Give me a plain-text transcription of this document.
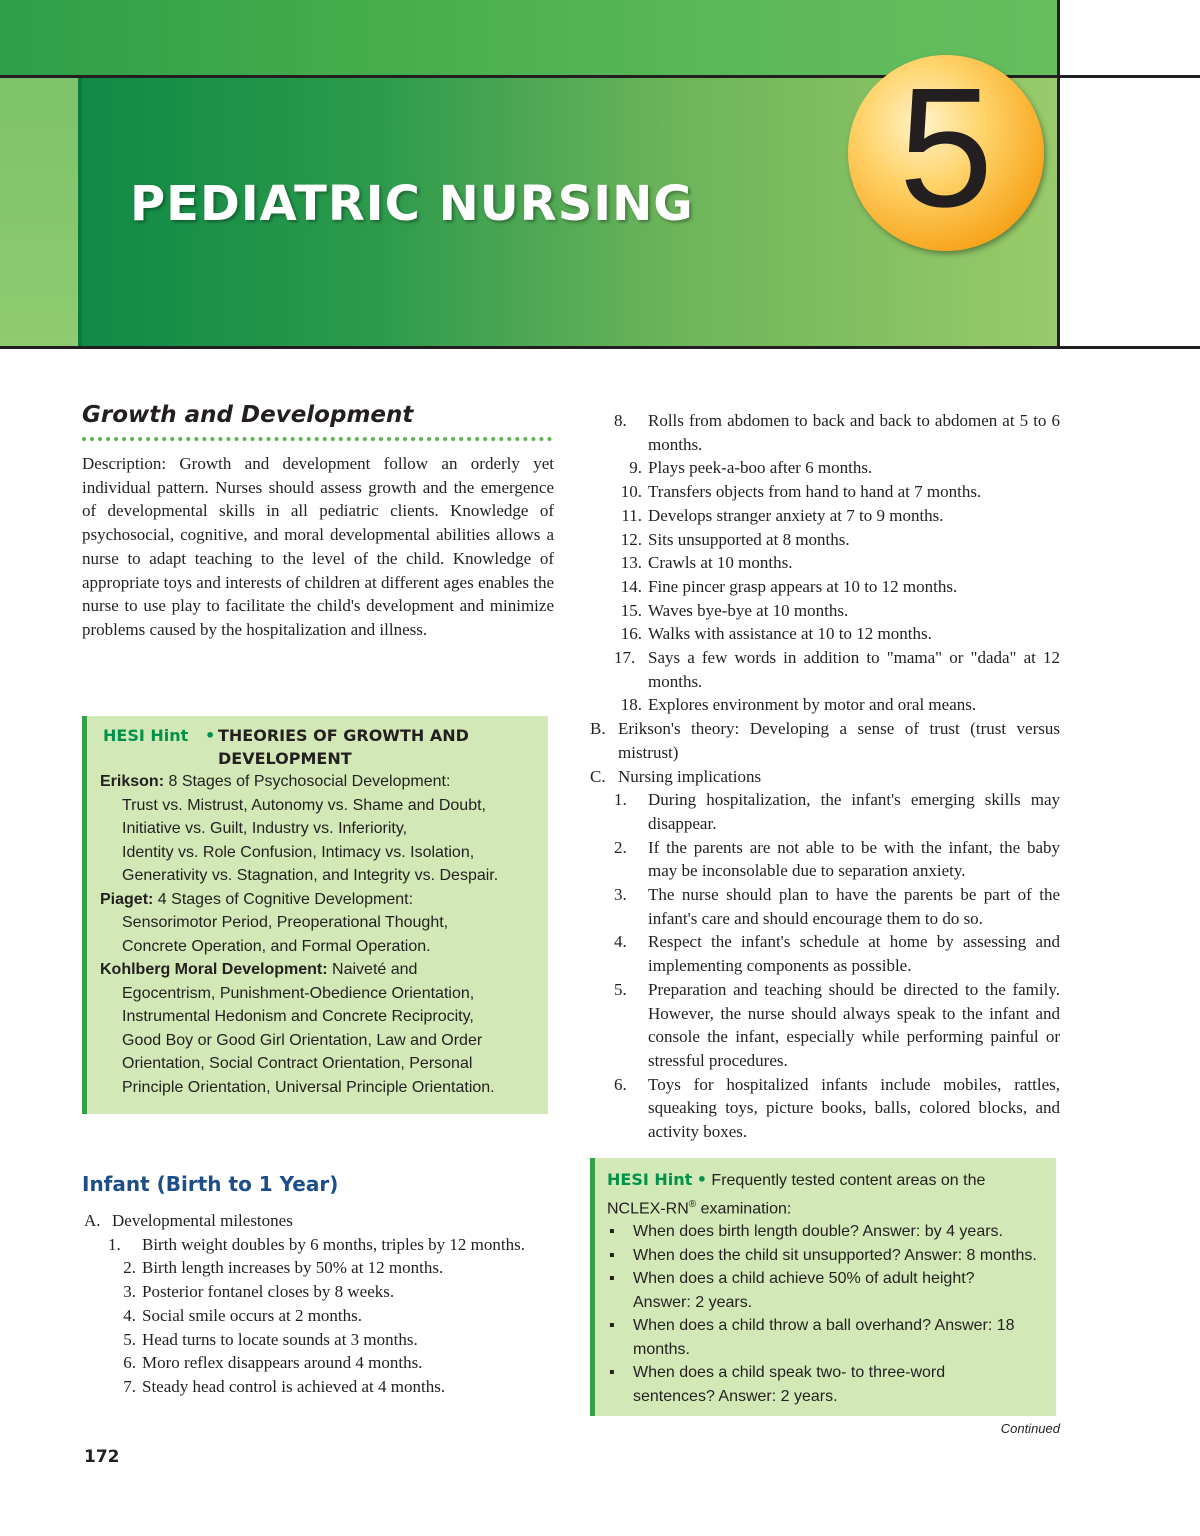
PEDIATRIC NURSING 5
Growth and Development
Description: Growth and development follow an orderly yet individual pattern. Nurses should assess growth and the emergence of developmental skills in all pediatric clients. Knowledge of psychosocial, cognitive, and moral developmental abilities allows a nurse to adapt teaching to the level of the child. Knowledge of appropriate toys and interests of children at different ages enables the nurse to use play to facilitate the child's development and minimize problems caused by the hospitalization and illness.
HESI Hint • THEORIES OF GROWTH AND
DEVELOPMENT
Erikson: 8 Stages of Psychosocial Development:
Trust vs. Mistrust, Autonomy vs. Shame and Doubt,
Initiative vs. Guilt, Industry vs. Inferiority,
Identity vs. Role Confusion, Intimacy vs. Isolation,
Generativity vs. Stagnation, and Integrity vs. Despair.
Piaget: 4 Stages of Cognitive Development:
Sensorimotor Period, Preoperational Thought,
Concrete Operation, and Formal Operation.
Kohlberg Moral Development: Naiveté and
Egocentrism, Punishment-Obedience Orientation,
Instrumental Hedonism and Concrete Reciprocity,
Good Boy or Good Girl Orientation, Law and Order
Orientation, Social Contract Orientation, Personal
Principle Orientation, Universal Principle Orientation.
Infant (Birth to 1 Year)
A. Developmental milestones
1.	Birth weight doubles by 6 months, triples by 12 months.
2. Birth length increases by 50% at 12 months.
3. Posterior fontanel closes by 8 weeks.
4. Social smile occurs at 2 months.
5. Head turns to locate sounds at 3 months.
6. Moro reflex disappears around 4 months.
7. Steady head control is achieved at 4 months.
8.	Rolls from abdomen to back and back to abdomen at 5 to 6 months.
9. Plays peek-a-boo after 6 months.
10. Transfers objects from hand to hand at 7 months.
11. Develops stranger anxiety at 7 to 9 months.
12. Sits unsupported at 8 months.
13. Crawls at 10 months.
14. Fine pincer grasp appears at 10 to 12 months.
15. Waves bye-bye at 10 months.
16. Walks with assistance at 10 to 12 months.
17. Says a few words in addition to "mama" or "dada" at 12 months.
18. Explores environment by motor and oral means.
B. Erikson's theory: Developing a sense of trust (trust versus mistrust)
C. Nursing implications
1.	During hospitalization, the infant's emerging skills may disappear.
2.	If the parents are not able to be with the infant, the baby may be inconsolable due to separation anxiety.
3.	The nurse should plan to have the parents be part of the infant's care and should encourage them to do so.
4.	Respect the infant's schedule at home by assessing and implementing components as possible.
5.	Preparation and teaching should be directed to the family. However, the nurse should always speak to the infant and console the infant, especially while performing painful or stressful procedures.
6.	Toys for hospitalized infants include mobiles, rattles, squeaking toys, picture books, balls, colored blocks, and activity boxes.
HESI Hint • Frequently tested content areas on the
NCLEX-RN® examination:
▪ When does birth length double? Answer: by 4 years.
▪ When does the child sit unsupported? Answer: 8 months.
▪ When does a child achieve 50% of adult height? Answer: 2 years.
▪ When does a child throw a ball overhand? Answer: 18 months.
▪ When does a child speak two- to three-word sentences? Answer: 2 years.
Continued
172
